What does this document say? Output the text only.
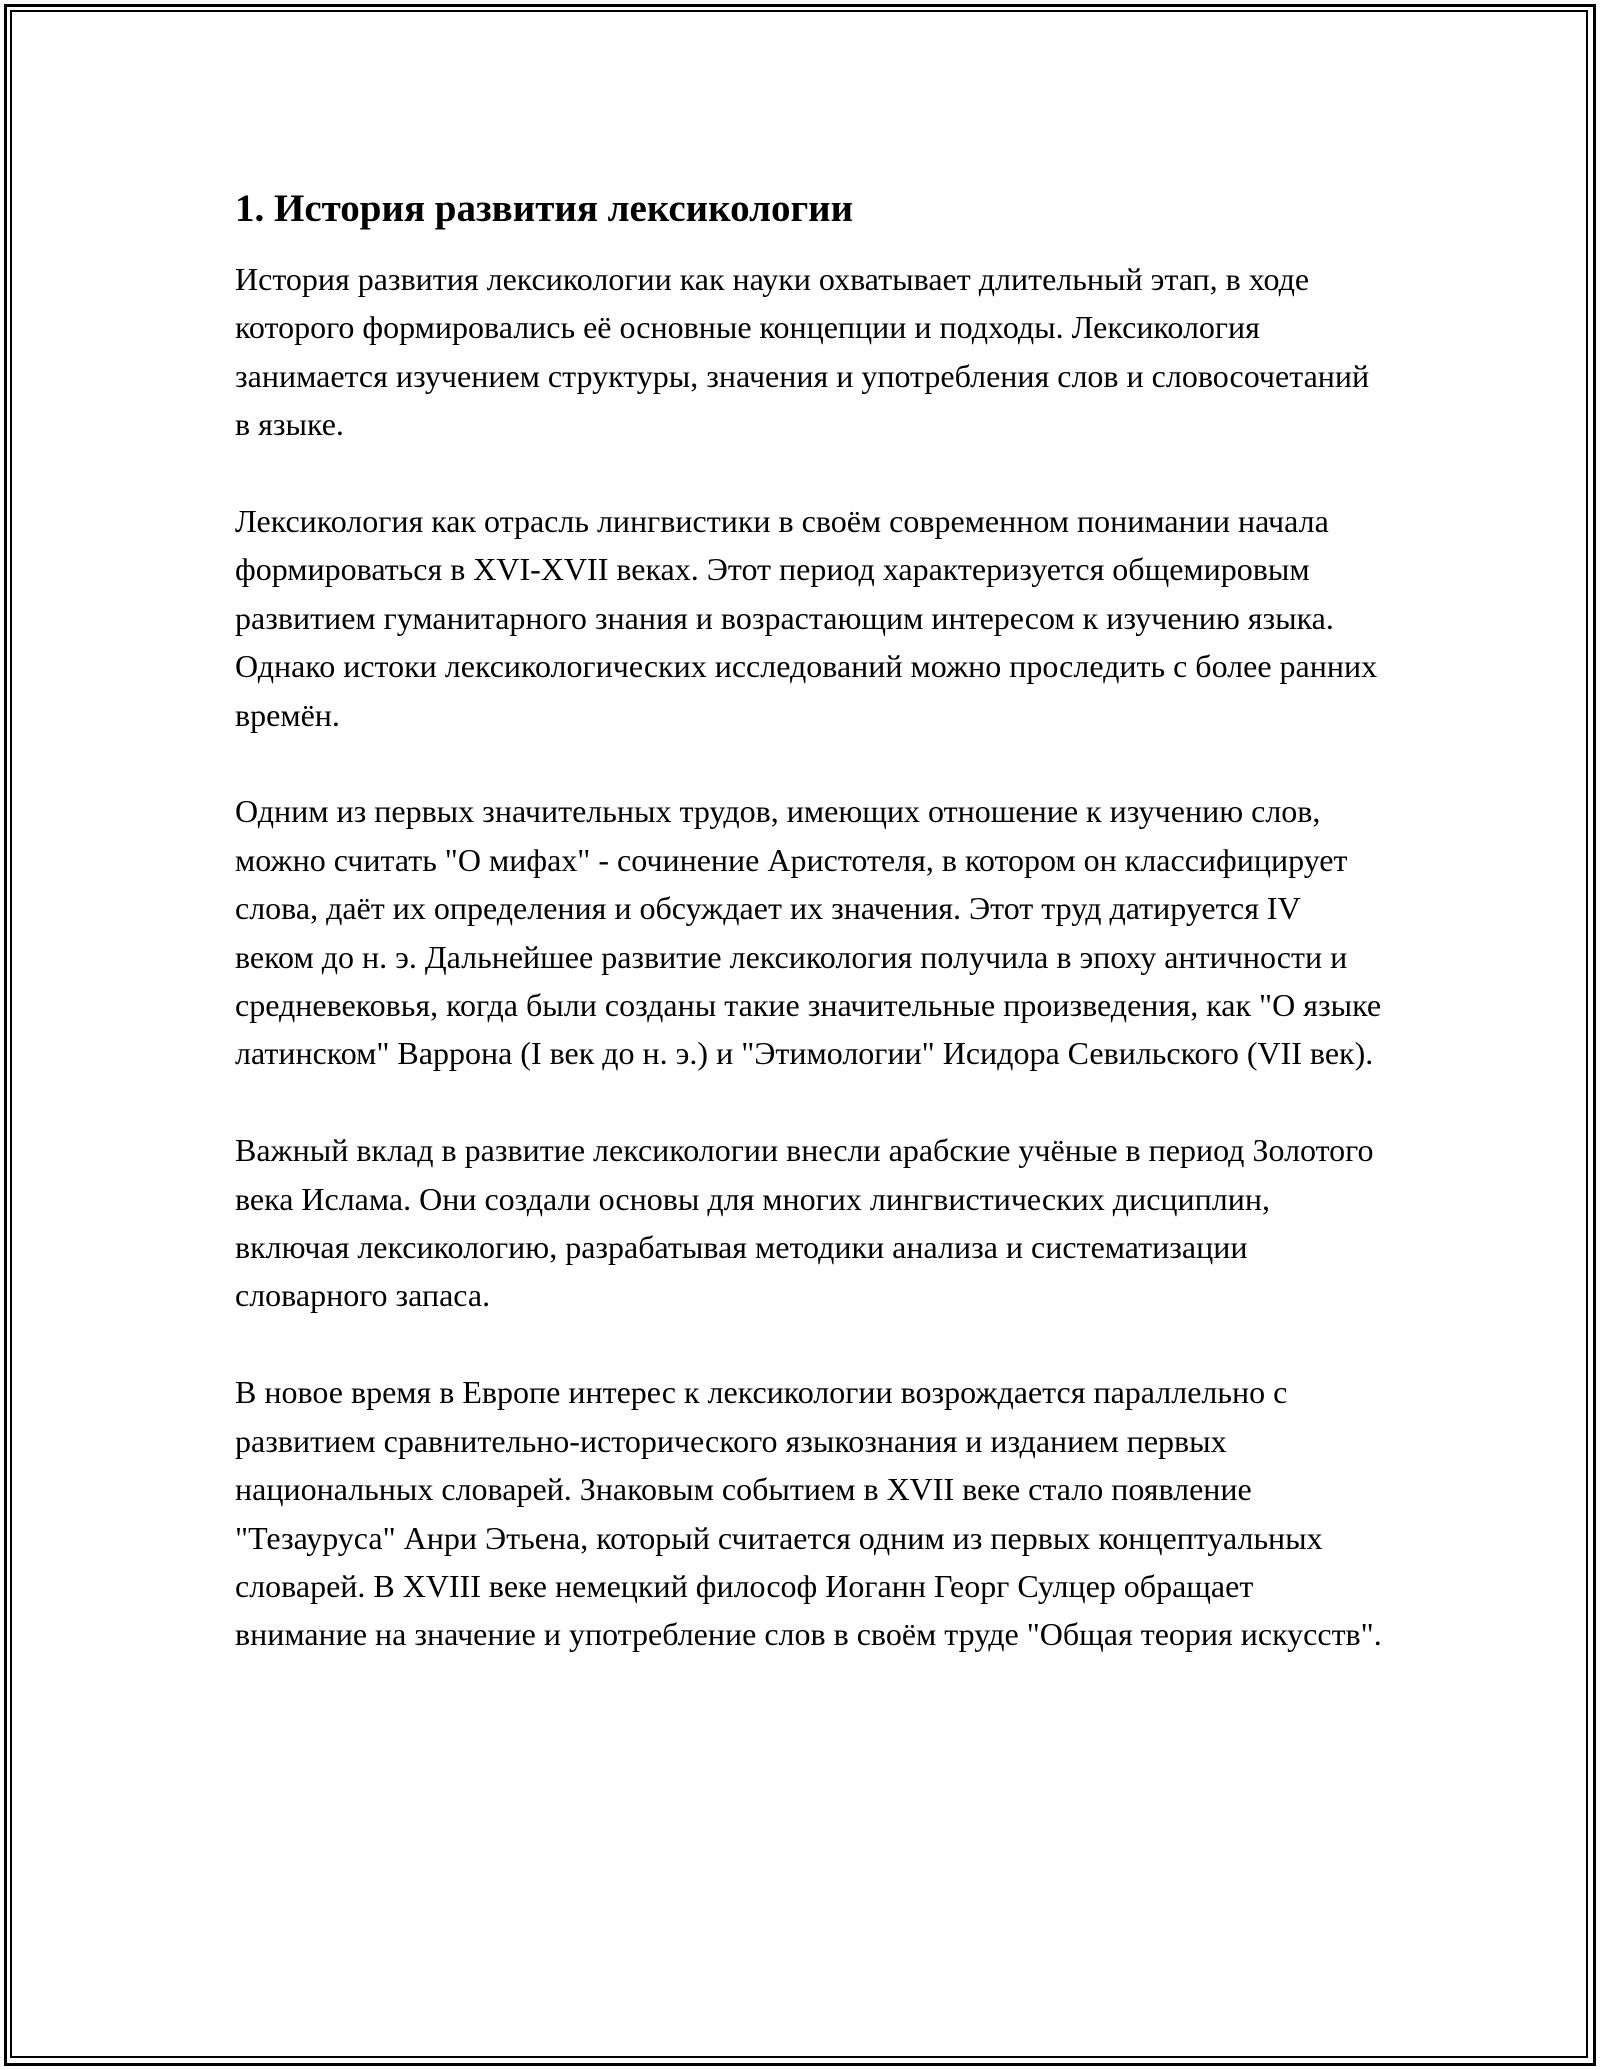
1. История развития лексикологии

История развития лексикологии как науки охватывает длительный этап, в ходе которого формировались её основные концепции и подходы. Лексикология занимается изучением структуры, значения и употребления слов и словосочетаний в языке.

Лексикология как отрасль лингвистики в своём современном понимании начала формироваться в XVI-XVII веках. Этот период характеризуется общемировым развитием гуманитарного знания и возрастающим интересом к изучению языка. Однако истоки лексикологических исследований можно проследить с более ранних времён.

Одним из первых значительных трудов, имеющих отношение к изучению слов, можно считать "О мифах" - сочинение Аристотеля, в котором он классифицирует слова, даёт их определения и обсуждает их значения. Этот труд датируется IV веком до н. э. Дальнейшее развитие лексикология получила в эпоху античности и средневековья, когда были созданы такие значительные произведения, как "О языке латинском" Варрона (I век до н. э.) и "Этимологии" Исидора Севильского (VII век).

Важный вклад в развитие лексикологии внесли арабские учёные в период Золотого века Ислама. Они создали основы для многих лингвистических дисциплин, включая лексикологию, разрабатывая методики анализа и систематизации словарного запаса.

В новое время в Европе интерес к лексикологии возрождается параллельно с развитием сравнительно-исторического языкознания и изданием первых национальных словарей. Знаковым событием в XVII веке стало появление "Тезауруса" Анри Этьена, который считается одним из первых концептуальных словарей. В XVIII веке немецкий философ Иоганн Георг Сулцер обращает внимание на значение и употребление слов в своём труде "Общая теория искусств".
